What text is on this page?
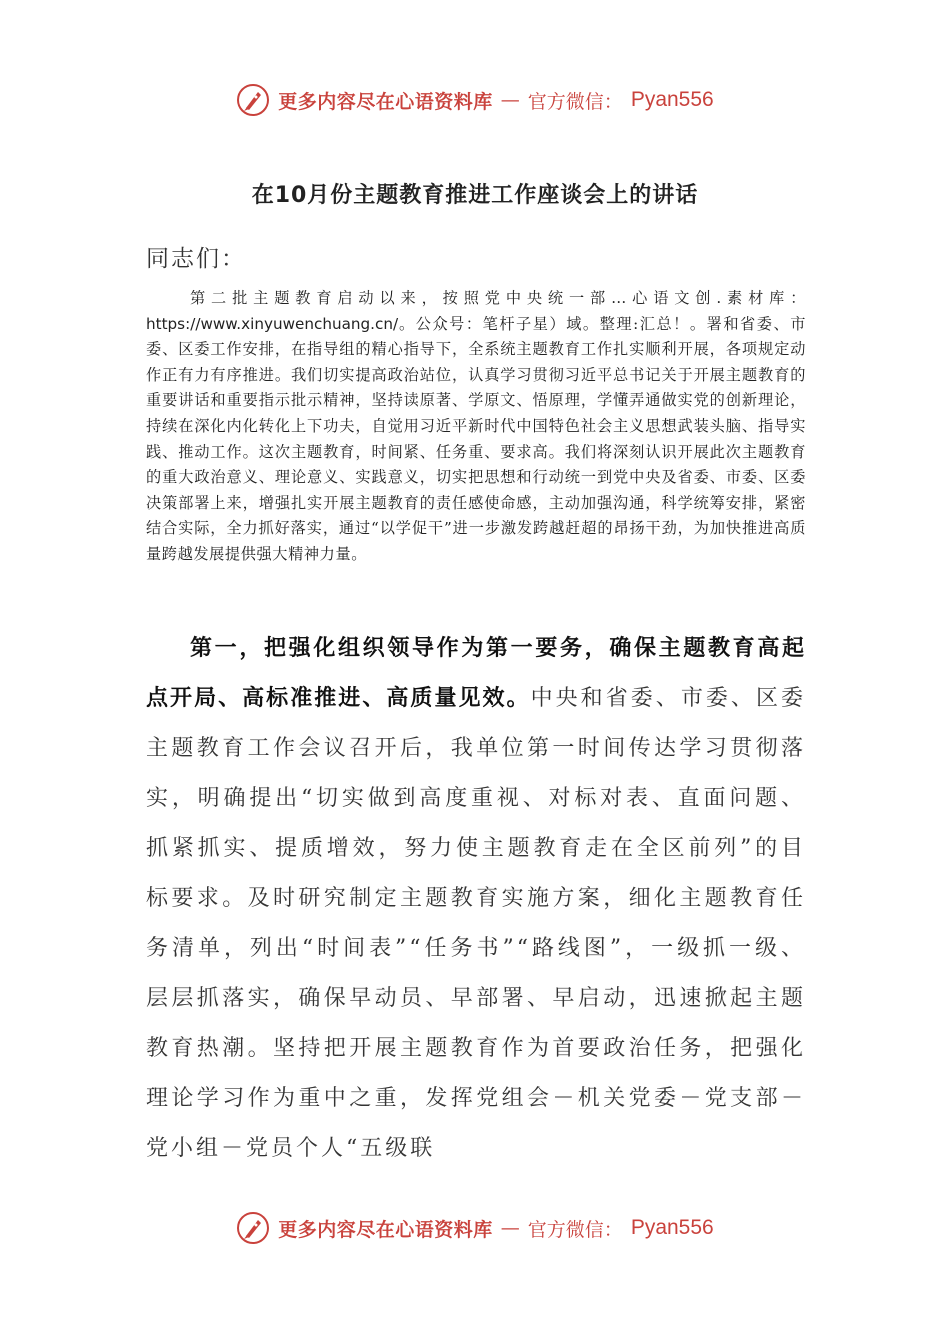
更多内容尽在心语资料库 — 官方微信： Pyan556
在10月份主题教育推进工作座谈会上的讲话
同志们：
第二批主题教育启动以来，按照党中央统一部…心语文创.素材库：https://www.xinyuwenchuang.cn/。公众号：笔杆子星）域。整理:汇总！。署和省委、市委、区委工作安排，在指导组的精心指导下，全系统主题教育工作扎实顺利开展，各项规定动作正有力有序推进。我们切实提高政治站位，认真学习贯彻习近平总书记关于开展主题教育的重要讲话和重要指示批示精神，坚持读原著、学原文、悟原理，学懂弄通做实党的创新理论，持续在深化内化转化上下功夫，自觉用习近平新时代中国特色社会主义思想武装头脑、指导实践、推动工作。这次主题教育，时间紧、任务重、要求高。我们将深刻认识开展此次主题教育的重大政治意义、理论意义、实践意义，切实把思想和行动统一到党中央及省委、市委、区委决策部署上来，增强扎实开展主题教育的责任感使命感，主动加强沟通，科学统筹安排，紧密结合实际，全力抓好落实，通过“以学促干”进一步激发跨越赶超的昂扬干劲，为加快推进高质量跨越发展提供强大精神力量。
第一，把强化组织领导作为第一要务，确保主题教育高起点开局、高标准推进、高质量见效。中央和省委、市委、区委主题教育工作会议召开后，我单位第一时间传达学习贯彻落实，明确提出“切实做到高度重视、对标对表、直面问题、抓紧抓实、提质增效，努力使主题教育走在全区前列”的目标要求。及时研究制定主题教育实施方案，细化主题教育任务清单，列出“时间表”“任务书”“路线图”，一级抓一级、层层抓落实，确保早动员、早部署、早启动，迅速掀起主题教育热潮。坚持把开展主题教育作为首要政治任务，把强化理论学习作为重中之重，发挥党组会－机关党委－党支部－党小组－党员个人“五级联
更多内容尽在心语资料库 — 官方微信： Pyan556
